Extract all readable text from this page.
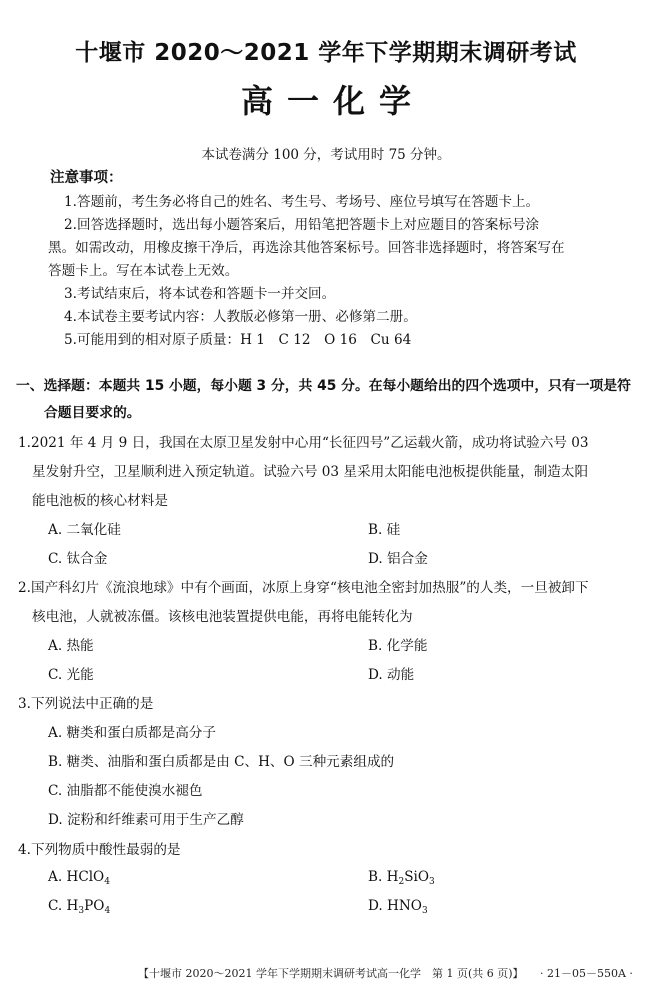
十堰市 2020～2021 学年下学期期末调研考试
高一化学
本试卷满分 100 分，考试用时 75 分钟。
注意事项：
1.答题前，考生务必将自己的姓名、考生号、考场号、座位号填写在答题卡上。
2.回答选择题时，选出每小题答案后，用铅笔把答题卡上对应题目的答案标号涂
黑。如需改动，用橡皮擦干净后，再选涂其他答案标号。回答非选择题时，将答案写在
答题卡上。写在本试卷上无效。
3.考试结束后，将本试卷和答题卡一并交回。
4.本试卷主要考试内容：人教版必修第一册、必修第二册。
5.可能用到的相对原子质量：H 1　C 12　O 16　Cu 64
一、选择题：本题共 15 小题，每小题 3 分，共 45 分。在每小题给出的四个选项中，只有一项是符
合题目要求的。
1.2021 年 4 月 9 日，我国在太原卫星发射中心用“长征四号”乙运载火箭，成功将试验六号 03
星发射升空，卫星顺利进入预定轨道。试验六号 03 星采用太阳能电池板提供能量，制造太阳
能电池板的核心材料是
A. 二氧化硅	B. 硅
C. 钛合金	D. 铝合金
2.国产科幻片《流浪地球》中有个画面，冰原上身穿“核电池全密封加热服”的人类，一旦被卸下
核电池，人就被冻僵。该核电池装置提供电能，再将电能转化为
A. 热能	B. 化学能
C. 光能	D. 动能
3.下列说法中正确的是
A. 糖类和蛋白质都是高分子
B. 糖类、油脂和蛋白质都是由 C、H、O 三种元素组成的
C. 油脂都不能使溴水褪色
D. 淀粉和纤维素可用于生产乙醇
4.下列物质中酸性最弱的是
A. HClO$_4$	B. $H_2SiO_3$
C. $H_3PO_4$	D. $HNO_3$
【十堰市 2020～2021 学年下学期期末调研考试高一化学　第 1 页(共 6 页)】 · 21－05－550A ·
